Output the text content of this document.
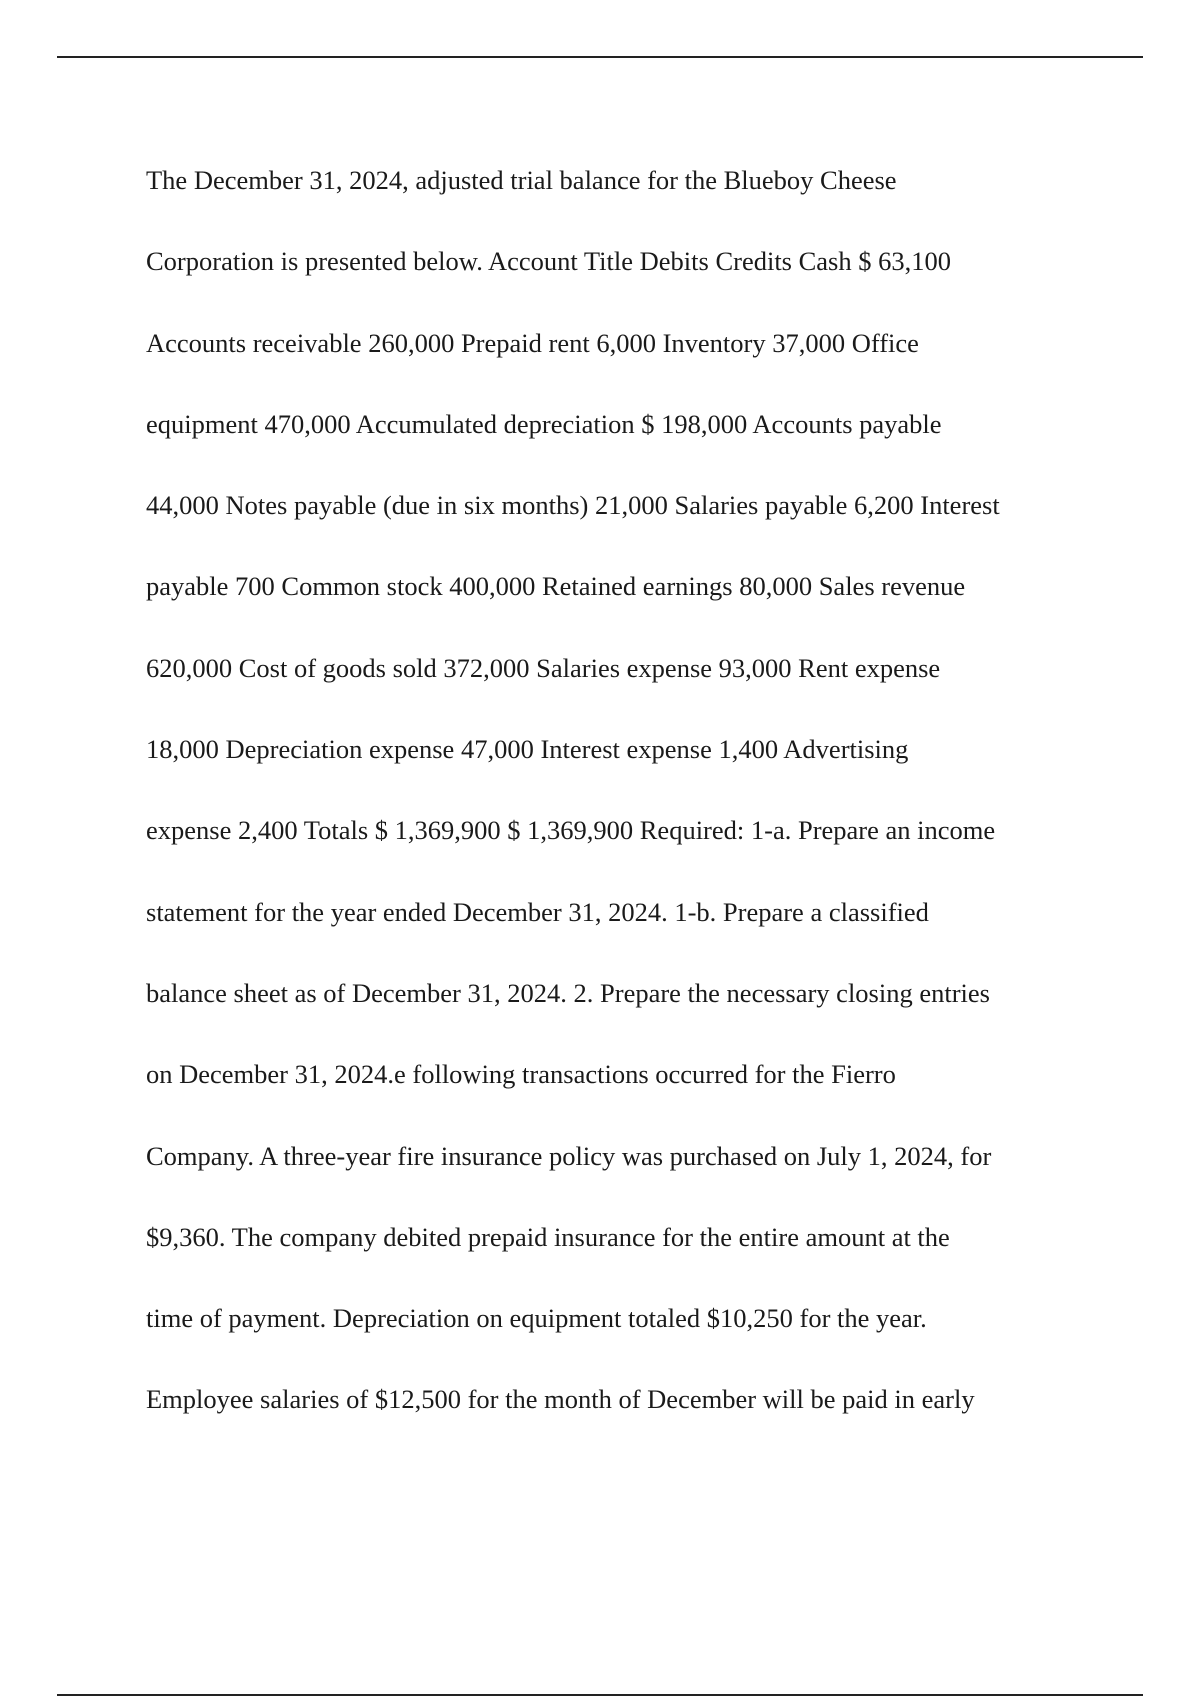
The December 31, 2024, adjusted trial balance for the Blueboy Cheese
Corporation is presented below. Account Title Debits Credits Cash $ 63,100
Accounts receivable 260,000 Prepaid rent 6,000 Inventory 37,000 Office
equipment 470,000 Accumulated depreciation $ 198,000 Accounts payable
44,000 Notes payable (due in six months) 21,000 Salaries payable 6,200 Interest
payable 700 Common stock 400,000 Retained earnings 80,000 Sales revenue
620,000 Cost of goods sold 372,000 Salaries expense 93,000 Rent expense
18,000 Depreciation expense 47,000 Interest expense 1,400 Advertising
expense 2,400 Totals $ 1,369,900 $ 1,369,900 Required: 1-a. Prepare an income
statement for the year ended December 31, 2024. 1-b. Prepare a classified
balance sheet as of December 31, 2024. 2. Prepare the necessary closing entries
on December 31, 2024.e following transactions occurred for the Fierro
Company. A three-year fire insurance policy was purchased on July 1, 2024, for
$9,360. The company debited prepaid insurance for the entire amount at the
time of payment. Depreciation on equipment totaled $10,250 for the year.
Employee salaries of $12,500 for the month of December will be paid in early
